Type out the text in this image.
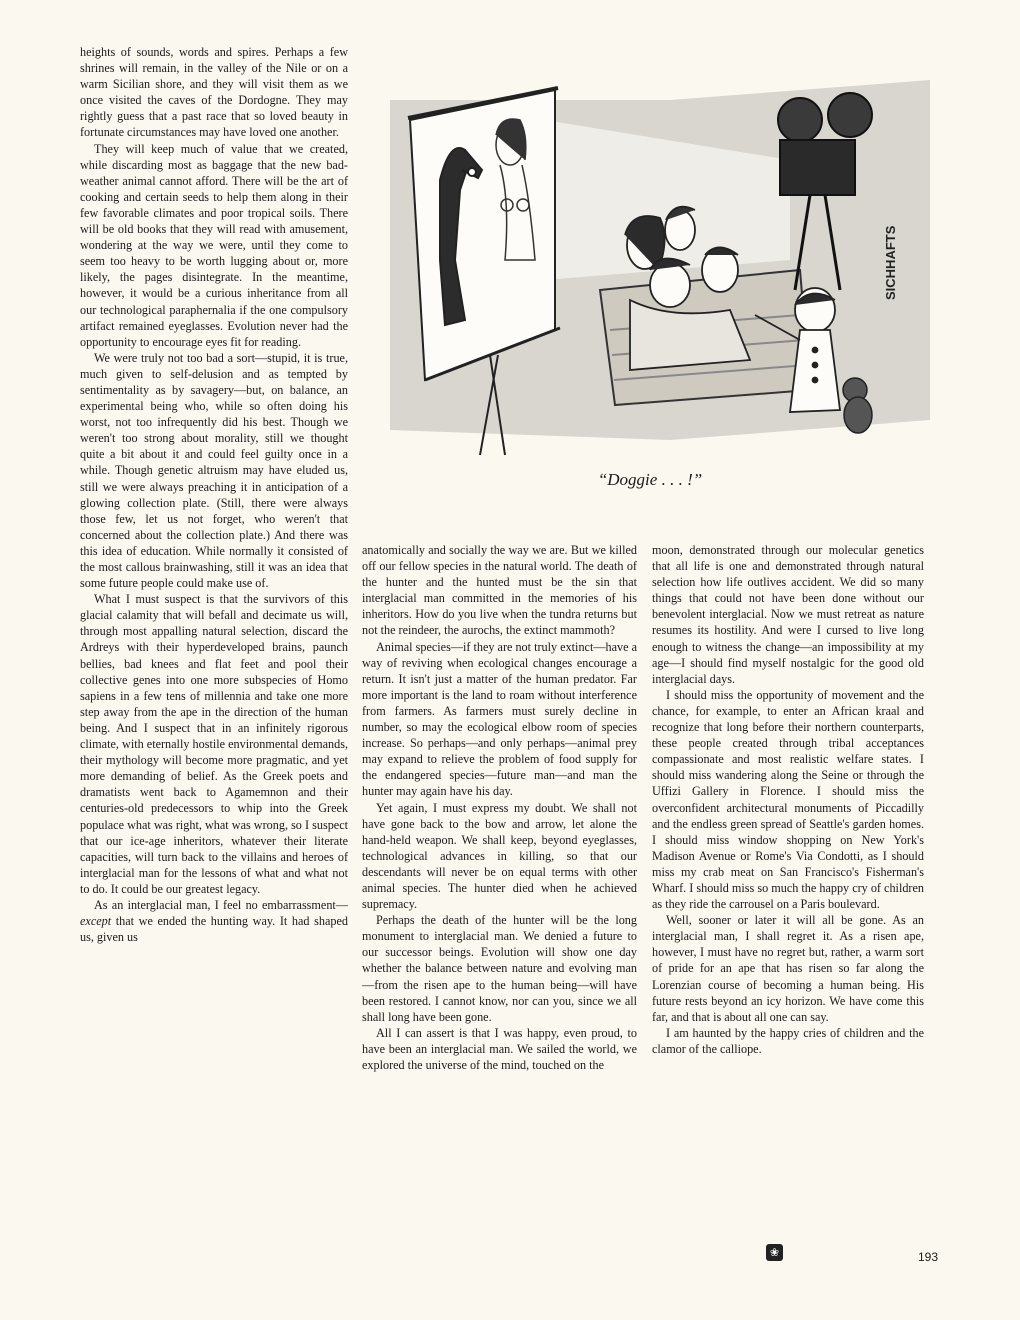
SICHHAFTS
“Doggie . . . !”

heights of sounds, words and spires. Perhaps a few shrines will remain, in the valley of the Nile or on a warm Sicilian shore, and they will visit them as we once visited the caves of the Dordogne. They may rightly guess that a past race that so loved beauty in fortunate circumstances may have loved one another.

They will keep much of value that we created, while discarding most as baggage that the new bad-weather animal cannot afford. There will be the art of cooking and certain seeds to help them along in their few favorable climates and poor tropical soils. There will be old books that they will read with amusement, wondering at the way we were, until they come to seem too heavy to be worth lugging about or, more likely, the pages disintegrate. In the meantime, however, it would be a curious inheritance from all our technological paraphernalia if the one compulsory artifact remained eyeglasses. Evolution never had the opportunity to encourage eyes fit for reading.

We were truly not too bad a sort—stupid, it is true, much given to self-delusion and as tempted by sentimentality as by savagery—but, on balance, an experimental being who, while so often doing his worst, not too infrequently did his best. Though we weren't too strong about morality, still we thought quite a bit about it and could feel guilty once in a while. Though genetic altruism may have eluded us, still we were always preaching it in anticipation of a glowing collection plate. (Still, there were always those few, let us not forget, who weren't that concerned about the collection plate.) And there was this idea of education. While normally it consisted of the most callous brainwashing, still it was an idea that some future people could make use of.

What I must suspect is that the survivors of this glacial calamity that will befall and decimate us will, through most appalling natural selection, discard the Ardreys with their hyperdeveloped brains, paunch bellies, bad knees and flat feet and pool their collective genes into one more subspecies of Homo sapiens in a few tens of millennia and take one more step away from the ape in the direction of the human being. And I suspect that in an infinitely rigorous climate, with eternally hostile environmental demands, their mythology will become more pragmatic, and yet more demanding of belief. As the Greek poets and dramatists went back to Agamemnon and their centuries-old predecessors to whip into the Greek populace what was right, what was wrong, so I suspect that our ice-age inheritors, whatever their literate capacities, will turn back to the villains and heroes of interglacial man for the lessons of what and what not to do. It could be our greatest legacy.

As an interglacial man, I feel no embarrassment—except that we ended the hunting way. It had shaped us, given us

anatomically and socially the way we are. But we killed off our fellow species in the natural world. The death of the hunter and the hunted must be the sin that interglacial man committed in the memories of his inheritors. How do you live when the tundra returns but not the reindeer, the aurochs, the extinct mammoth?

Animal species—if they are not truly extinct—have a way of reviving when ecological changes encourage a return. It isn't just a matter of the human predator. Far more important is the land to roam without interference from farmers. As farmers must surely decline in number, so may the ecological elbow room of species increase. So perhaps—and only perhaps—animal prey may expand to relieve the problem of food supply for the endangered species—future man—and man the hunter may again have his day.

Yet again, I must express my doubt. We shall not have gone back to the bow and arrow, let alone the hand-held weapon. We shall keep, beyond eyeglasses, technological advances in killing, so that our descendants will never be on equal terms with other animal species. The hunter died when he achieved supremacy.

Perhaps the death of the hunter will be the long monument to interglacial man. We denied a future to our successor beings. Evolution will show one day whether the balance between nature and evolving man—from the risen ape to the human being—will have been restored. I cannot know, nor can you, since we all shall long have been gone.

All I can assert is that I was happy, even proud, to have been an interglacial man. We sailed the world, we explored the universe of the mind, touched on the

moon, demonstrated through our molecular genetics that all life is one and demonstrated through natural selection how life outlives accident. We did so many things that could not have been done without our benevolent interglacial. Now we must retreat as nature resumes its hostility. And were I cursed to live long enough to witness the change—an impossibility at my age—I should find myself nostalgic for the good old interglacial days.

I should miss the opportunity of movement and the chance, for example, to enter an African kraal and recognize that long before their northern counterparts, these people created through tribal acceptances compassionate and most realistic welfare states. I should miss wandering along the Seine or through the Uffizi Gallery in Florence. I should miss the overconfident architectural monuments of Piccadilly and the endless green spread of Seattle's garden homes. I should miss window shopping on New York's Madison Avenue or Rome's Via Condotti, as I should miss my crab meat on San Francisco's Fisherman's Wharf. I should miss so much the happy cry of children as they ride the carrousel on a Paris boulevard.

Well, sooner or later it will all be gone. As an interglacial man, I shall regret it. As a risen ape, however, I must have no regret but, rather, a warm sort of pride for an ape that has risen so far along the Lorenzian course of becoming a human being. His future rests beyond an icy horizon. We have come this far, and that is about all one can say.

I am haunted by the happy cries of children and the clamor of the calliope.

❀	193
